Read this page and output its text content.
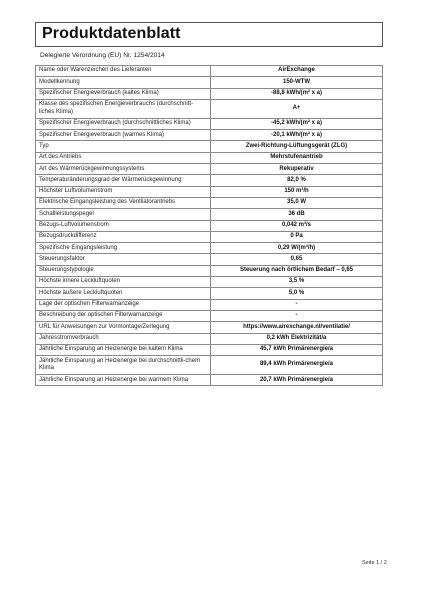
Produktdatenblatt
Delegierte Verordnung (EU) Nr. 1254/2014
Name oder Warenzeichen des Lieferanten	AirExchange
Modellkennung	150-WTW
Spezifischer Energieverbrauch (kaltes Klima)	-88,8 kWh/(m² x a)
Klasse des spezifischen Energieverbrauchs (durchschnitt-liches Klima)	A+
Spezifischer Energieverbrauch (durchschnittliches Klima)	-45,2 kWh/(m² x a)
Spezifischer Energieverbrauch (warmes Klima)	-20,1 kWh/(m² x a)
Typ	Zwei-Richtung-Lüftungsgerät (ZLG)
Art des Antriebs	Mehrstufenantrieb
Art des Wärmerückgewinnungssystems	Rekuperativ
Temperaturänderungsgrad der Wärmerückgewinnung	82,0 %
Höchster Luftvolumenstrom	150 m³/h
Elektrische Eingangsleistung des Ventilatorantriebs	35,0 W
Schallleistungspegel	36 dB
Bezugs-Luftvolumenstrom	0,042 m³/s
Bezugsdruckdifferenz	0 Pa
Spezifische Eingangsleistung	0,29 W/(m³/h)
Steuerungsfaktor	0,65
Steuerungstypologie	Steuerung nach örtlichem Bedarf – 0,65
Höchste innere Leckluftquoten	3,5 %
Höchste äußere Leckluftquoten	5,0 %
Lage der optischen Filterwarnanzeige	-
Beschreibung der optischen Filterwarnanzeige	-
URL für Anweisungen zur Vormontage/Zerlegung	https://www.airexchange.nl/ventilatie/
Jahresstromverbrauch	0,2 kWh Elektrizität/a
Jährliche Einsparung an Heizenergie bei kaltem Klima	45,7 kWh Primärenergie/a
Jährliche Einsparung an Heizenergie bei durchschnittli-chem Klima	89,4 kWh Primärenergie/a
Jährliche Einsparung an Heizenergie bei warmem Klima	20,7 kWh Primärenergie/a
Seite 1 / 2
